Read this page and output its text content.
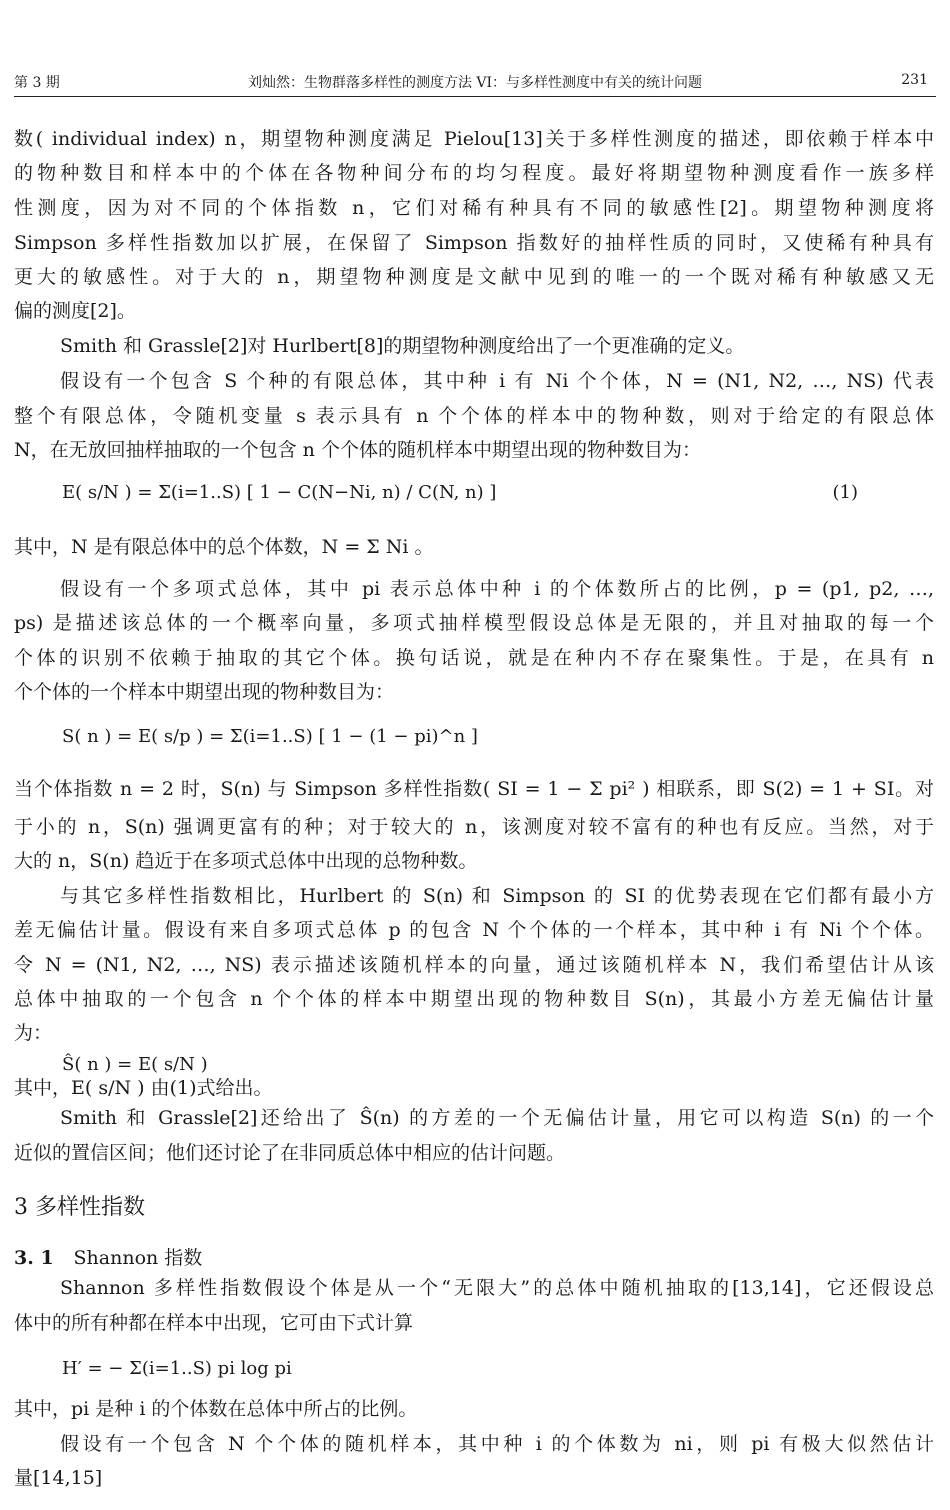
第 3 期	刘灿然：生物群落多样性的测度方法 VI：与多样性测度中有关的统计问题	231
数( individual index) n，期望物种测度满足 Pielou[13]关于多样性测度的描述，即依赖于样本中
的物种数目和样本中的个体在各物种间分布的均匀程度。最好将期望物种测度看作一族多样
性测度，因为对不同的个体指数 n，它们对稀有种具有不同的敏感性[2]。期望物种测度将
Simpson 多样性指数加以扩展，在保留了 Simpson 指数好的抽样性质的同时，又使稀有种具有
更大的敏感性。对于大的 n，期望物种测度是文献中见到的唯一的一个既对稀有种敏感又无
偏的测度[2]。
Smith 和 Grassle[2]对 Hurlbert[8]的期望物种测度给出了一个更准确的定义。
假设有一个包含 S 个种的有限总体，其中种 i 有 Ni 个个体，N = (N1, N2, …, NS) 代表
整个有限总体，令随机变量 s 表示具有 n 个个体的样本中的物种数，则对于给定的有限总体
N，在无放回抽样抽取的一个包含 n 个个体的随机样本中期望出现的物种数目为：
E( s/N ) = Σ(i=1..S) [ 1 − C(N−Ni, n) / C(N, n) ]	(1)
其中，N 是有限总体中的总个体数，N = Σ Ni 。
假设有一个多项式总体，其中 pi 表示总体中种 i 的个体数所占的比例，p = (p1, p2, …,
ps) 是描述该总体的一个概率向量，多项式抽样模型假设总体是无限的，并且对抽取的每一个
个体的识别不依赖于抽取的其它个体。换句话说，就是在种内不存在聚集性。于是，在具有 n
个个体的一个样本中期望出现的物种数目为：
S( n ) = E( s/p ) = Σ(i=1..S) [ 1 − (1 − pi)^n ]
当个体指数 n = 2 时，S(n) 与 Simpson 多样性指数( SI = 1 − Σ pi² ) 相联系，即 S(2) = 1 + SI。对
于小的 n，S(n) 强调更富有的种；对于较大的 n，该测度对较不富有的种也有反应。当然，对于
大的 n，S(n) 趋近于在多项式总体中出现的总物种数。
与其它多样性指数相比，Hurlbert 的 S(n) 和 Simpson 的 SI 的优势表现在它们都有最小方
差无偏估计量。假设有来自多项式总体 p 的包含 N 个个体的一个样本，其中种 i 有 Ni 个个体。
令 N = (N1, N2, …, NS) 表示描述该随机样本的向量，通过该随机样本 N，我们希望估计从该
总体中抽取的一个包含 n 个个体的样本中期望出现的物种数目 S(n)，其最小方差无偏估计量
为：
Ŝ( n ) = E( s/N )
其中，E( s/N ) 由(1)式给出。
Smith 和 Grassle[2]还给出了 Ŝ(n) 的方差的一个无偏估计量，用它可以构造 S(n) 的一个
近似的置信区间；他们还讨论了在非同质总体中相应的估计问题。
3 多样性指数
3. 1 Shannon 指数
Shannon 多样性指数假设个体是从一个“无限大”的总体中随机抽取的[13,14]，它还假设总
体中的所有种都在样本中出现，它可由下式计算
H′ = − Σ(i=1..S) pi log pi
其中，pi 是种 i 的个体数在总体中所占的比例。
假设有一个包含 N 个个体的随机样本，其中种 i 的个体数为 ni，则 pi 有极大似然估计
量[14,15]
